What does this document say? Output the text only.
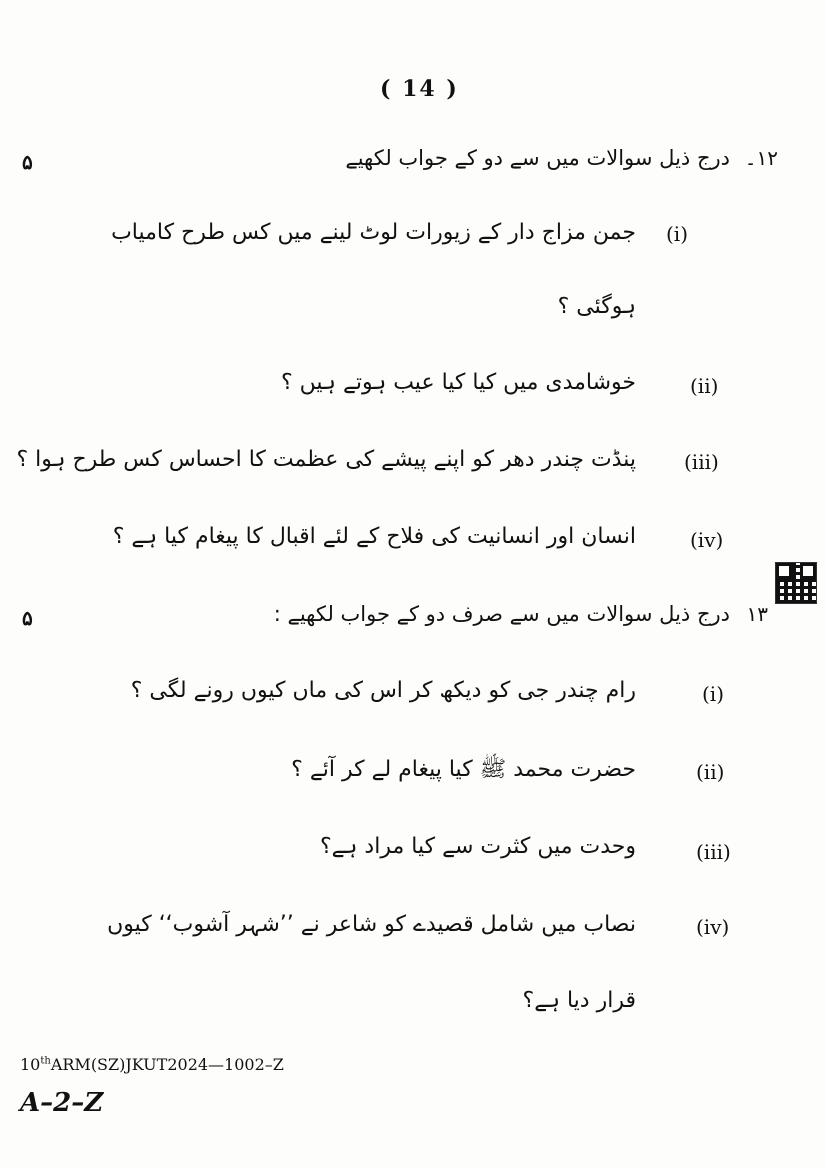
( 14 )
۵	۱۲۔
درج ذیل سوالات میں سے دو کے جواب لکھیے
(i)
جمن مزاج دار کے زیورات لوٹ لینے میں کس طرح کامیاب
ہوگئی ؟
(ii)
خوشامدی میں کیا کیا عیب ہوتے ہیں ؟
(iii)
پنڈت چندر دھر کو اپنے پیشے کی عظمت کا احساس کس طرح ہوا ؟
(iv)
انسان اور انسانیت کی فلاح کے لئے اقبال کا پیغام کیا ہے ؟
۵	۱۳
درج ذیل سوالات میں سے صرف دو کے جواب لکھیے :
(i)
رام چندر جی کو دیکھ کر اس کی ماں کیوں رونے لگی ؟
(ii)
حضرت محمد ﷺ کیا پیغام لے کر آئے ؟
(iii)
وحدت میں کثرت سے کیا مراد ہے؟
(iv)
نصاب میں شامل قصیدے کو شاعر نے ’’شہر آشوب‘‘ کیوں
قرار دیا ہے؟
10thARM(SZ)JKUT2024—1002–Z
A–2–Z
